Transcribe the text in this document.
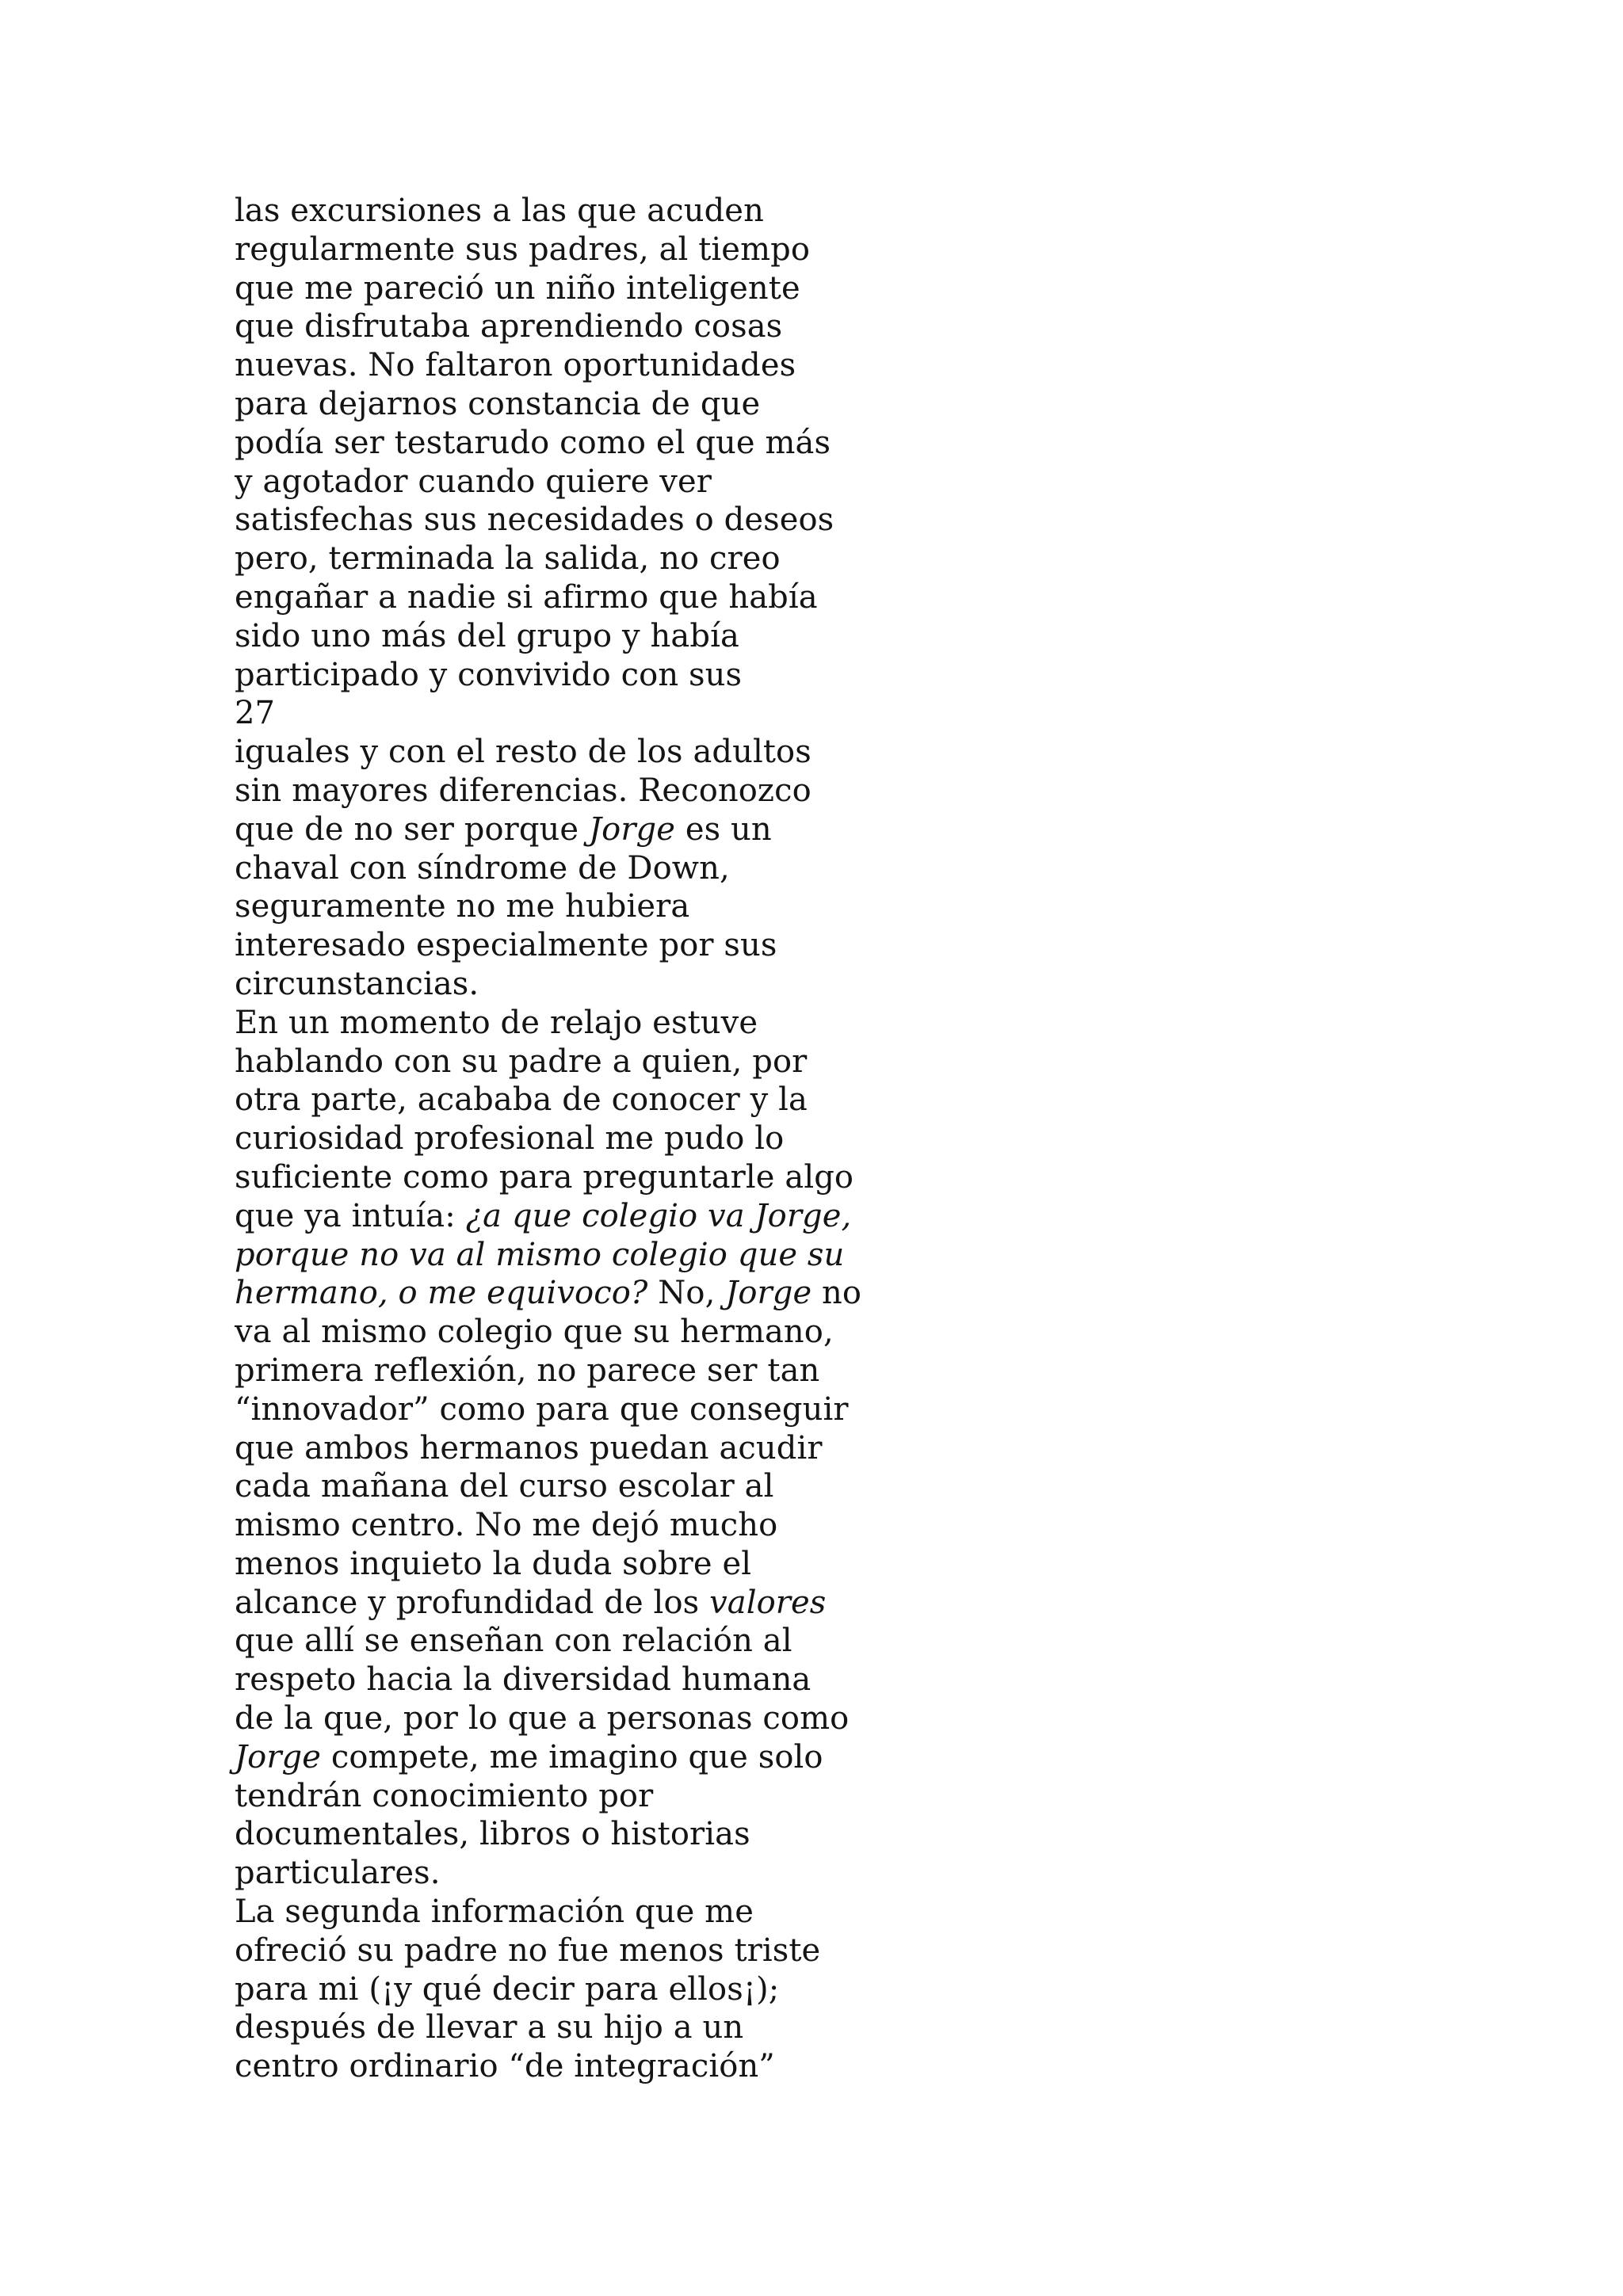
las excursiones a las que acuden
regularmente sus padres, al tiempo
que me pareció un niño inteligente
que disfrutaba aprendiendo cosas
nuevas. No faltaron oportunidades
para dejarnos constancia de que
podía ser testarudo como el que más
y agotador cuando quiere ver
satisfechas sus necesidades o deseos
pero, terminada la salida, no creo
engañar a nadie si afirmo que había
sido uno más del grupo y había
participado y convivido con sus
27
iguales y con el resto de los adultos
sin mayores diferencias. Reconozco
que de no ser porque Jorge es un
chaval con síndrome de Down,
seguramente no me hubiera
interesado especialmente por sus
circunstancias.
En un momento de relajo estuve
hablando con su padre a quien, por
otra parte, acababa de conocer y la
curiosidad profesional me pudo lo
suficiente como para preguntarle algo
que ya intuía: ¿a que colegio va Jorge,
porque no va al mismo colegio que su
hermano, o me equivoco? No, Jorge no
va al mismo colegio que su hermano,
primera reflexión, no parece ser tan
“innovador” como para que conseguir
que ambos hermanos puedan acudir
cada mañana del curso escolar al
mismo centro. No me dejó mucho
menos inquieto la duda sobre el
alcance y profundidad de los valores
que allí se enseñan con relación al
respeto hacia la diversidad humana
de la que, por lo que a personas como
Jorge compete, me imagino que solo
tendrán conocimiento por
documentales, libros o historias
particulares.
La segunda información que me
ofreció su padre no fue menos triste
para mi (¡y qué decir para ellos¡);
después de llevar a su hijo a un
centro ordinario “de integración”
